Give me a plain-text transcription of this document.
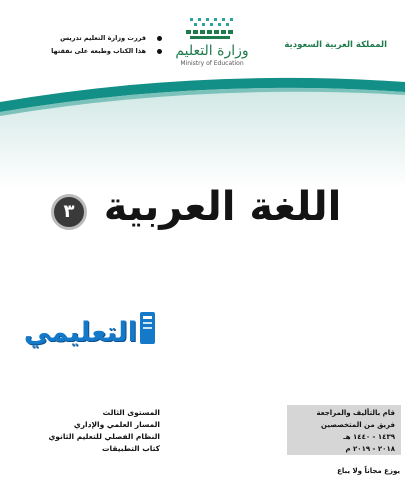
المملكة العربية السعودية
وزارة التعليم
Ministry of Education
قررت وزارة التعليم تدريس
هذا الكتاب وطبعه على نفقتها
اللغة العربية
٣
التعليمي
المستوى الثالث
المسار العلمي والإداري
النظام الفصلي للتعليم الثانوي
كتاب التطبيقات
قام بالتأليف والمراجعة
فريق من المتخصصين
١٤٣٩ - ١٤٤٠ هـ
٢٠١٨ - ٢٠١٩ م
يوزع مجاناً ولا يباع
